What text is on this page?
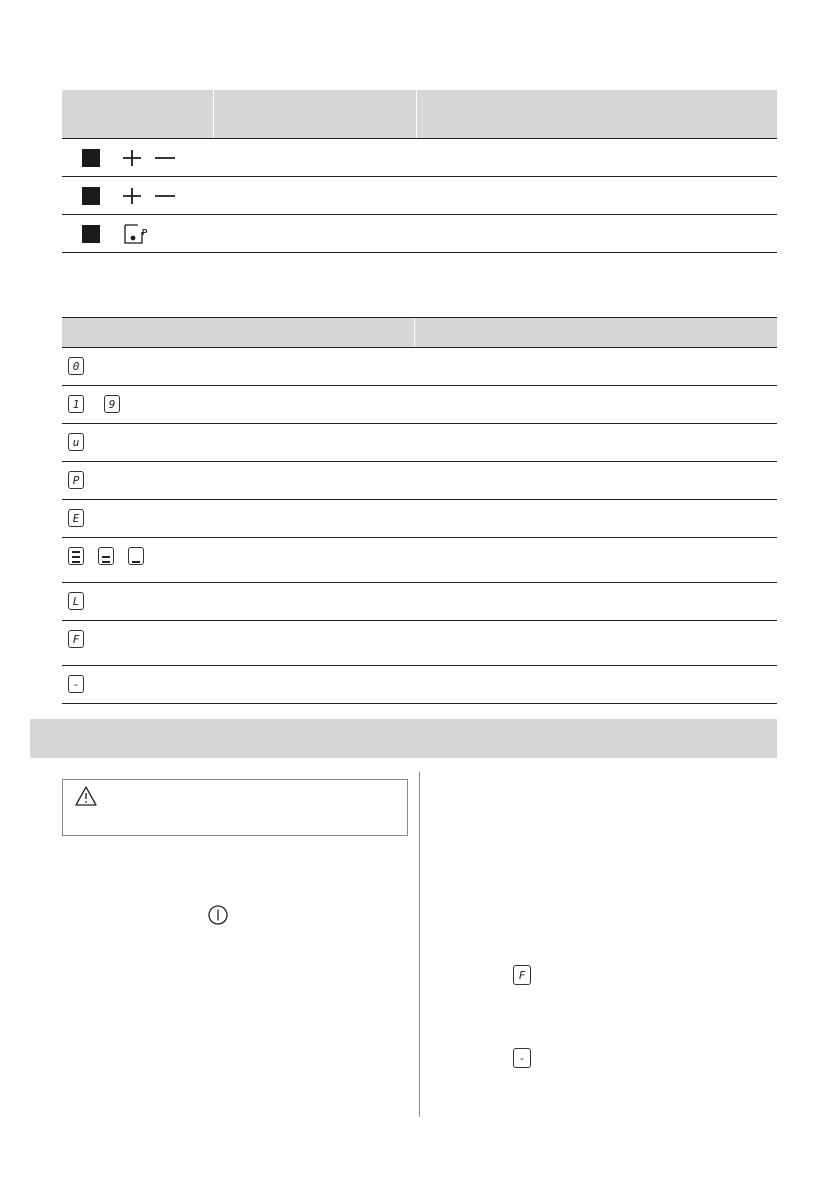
P
0
1	9
u
P
E
L
F
-
F
-
